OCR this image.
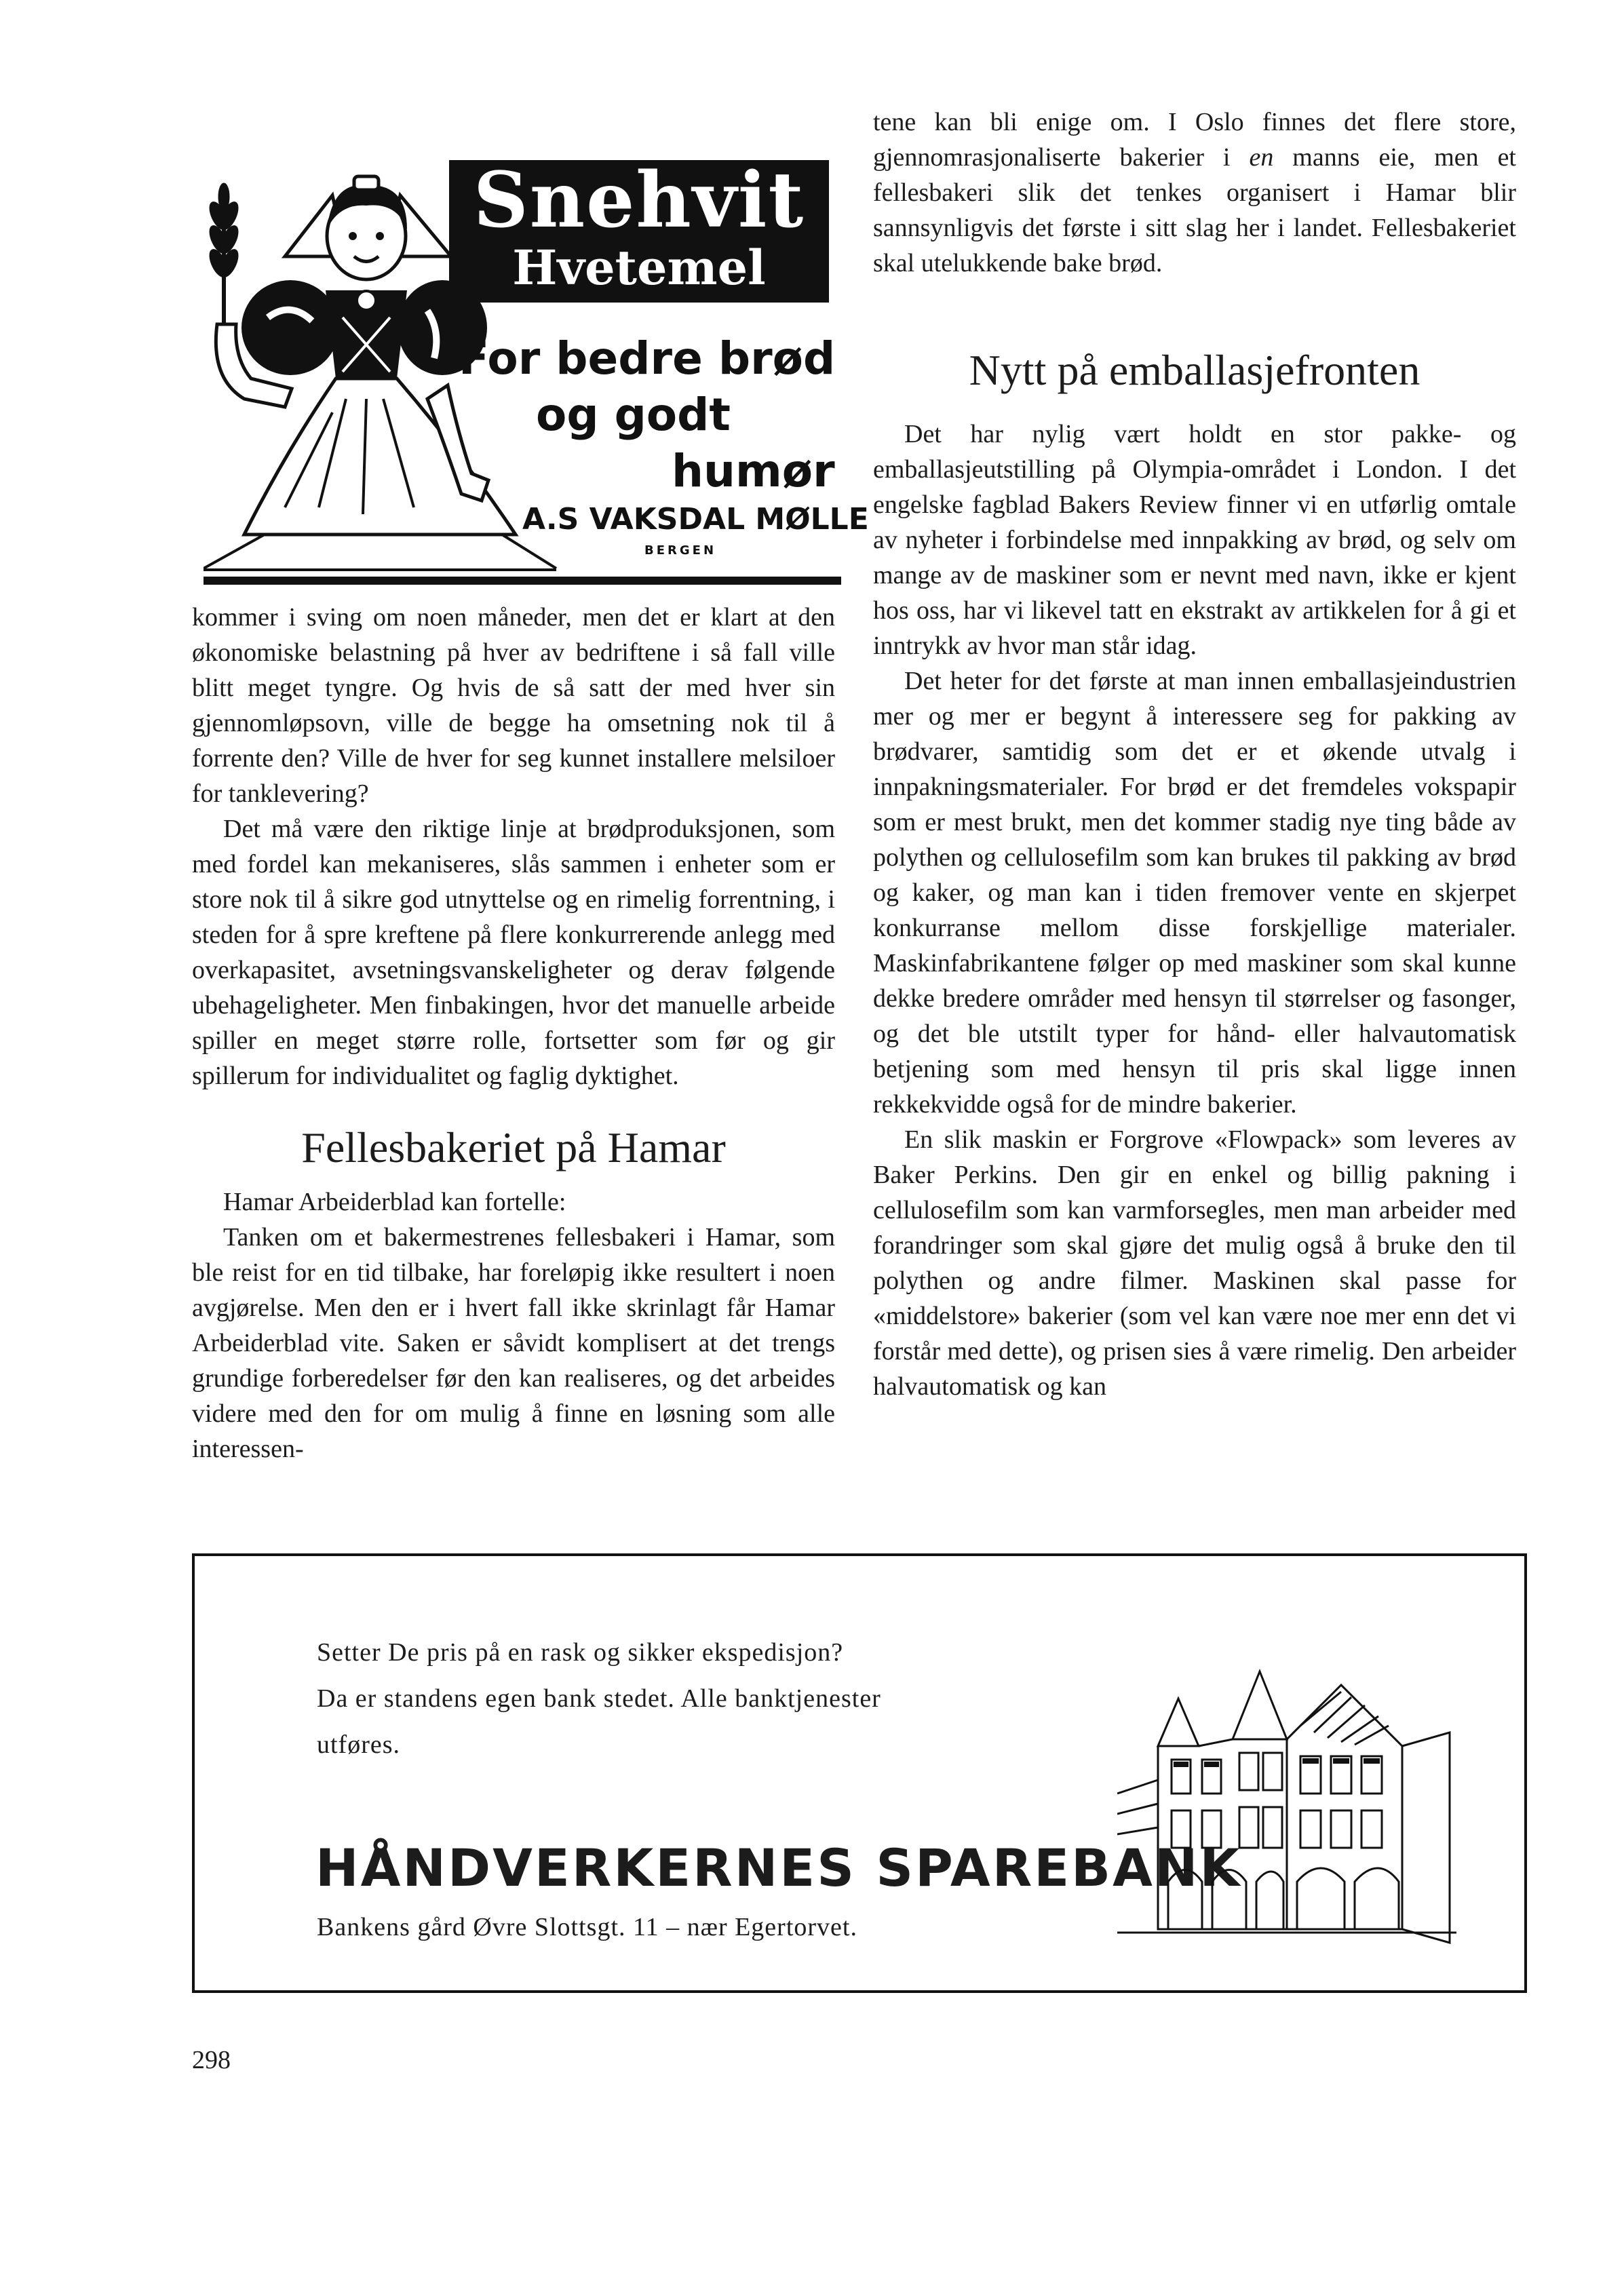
Snehvit
Hvetemel
For bedre brød
og godt
humør
A.S VAKSDAL MØLLE
BERGEN

kommer i sving om noen måneder, men det er klart at den økonomiske belastning på hver av bedriftene i så fall ville blitt meget tyngre. Og hvis de så satt der med hver sin gjennomløpsovn, ville de begge ha omsetning nok til å forrente den? Ville de hver for seg kunnet installere melsiloer for tanklevering?

Det må være den riktige linje at brødproduksjonen, som med fordel kan mekaniseres, slås sammen i enheter som er store nok til å sikre god utnyttelse og en rimelig forrentning, i steden for å spre kreftene på flere konkurrerende anlegg med overkapasitet, avsetningsvanskeligheter og derav følgende ubehageligheter. Men finbakingen, hvor det manuelle arbeide spiller en meget større rolle, fortsetter som før og gir spillerum for individualitet og faglig dyktighet.

Fellesbakeriet på Hamar

Hamar Arbeiderblad kan fortelle:

Tanken om et bakermestrenes fellesbakeri i Hamar, som ble reist for en tid tilbake, har foreløpig ikke resultert i noen avgjørelse. Men den er i hvert fall ikke skrinlagt får Hamar Arbeiderblad vite. Saken er såvidt komplisert at det trengs grundige forberedelser før den kan realiseres, og det arbeides videre med den for om mulig å finne en løsning som alle interessen-

tene kan bli enige om. I Oslo finnes det flere store, gjennomrasjonaliserte bakerier i en manns eie, men et fellesbakeri slik det tenkes organisert i Hamar blir sannsynligvis det første i sitt slag her i landet. Fellesbakeriet skal utelukkende bake brød.

Nytt på emballasjefronten

Det har nylig vært holdt en stor pakke- og emballasjeutstilling på Olympia-området i London. I det engelske fagblad Bakers Review finner vi en utførlig omtale av nyheter i forbindelse med innpakking av brød, og selv om mange av de maskiner som er nevnt med navn, ikke er kjent hos oss, har vi likevel tatt en ekstrakt av artikkelen for å gi et inntrykk av hvor man står idag.

Det heter for det første at man innen emballasjeindustrien mer og mer er begynt å interessere seg for pakking av brødvarer, samtidig som det er et økende utvalg i innpakningsmaterialer. For brød er det fremdeles vokspapir som er mest brukt, men det kommer stadig nye ting både av polythen og cellulosefilm som kan brukes til pakking av brød og kaker, og man kan i tiden fremover vente en skjerpet konkurranse mellom disse forskjellige materialer. Maskinfabrikantene følger op med maskiner som skal kunne dekke bredere områder med hensyn til størrelser og fasonger, og det ble utstilt typer for hånd- eller halvautomatisk betjening som med hensyn til pris skal ligge innen rekkekvidde også for de mindre bakerier.

En slik maskin er Forgrove «Flowpack» som leveres av Baker Perkins. Den gir en enkel og billig pakning i cellulosefilm som kan varmforsegles, men man arbeider med forandringer som skal gjøre det mulig også å bruke den til polythen og andre filmer. Maskinen skal passe for «middelstore» bakerier (som vel kan være noe mer enn det vi forstår med dette), og prisen sies å være rimelig. Den arbeider halvautomatisk og kan

Setter De pris på en rask og sikker ekspedisjon?
Da er standens egen bank stedet. Alle banktjenester
utføres.
HÅNDVERKERNES SPAREBANK
Bankens gård Øvre Slottsgt. 11 – nær Egertorvet.
298
